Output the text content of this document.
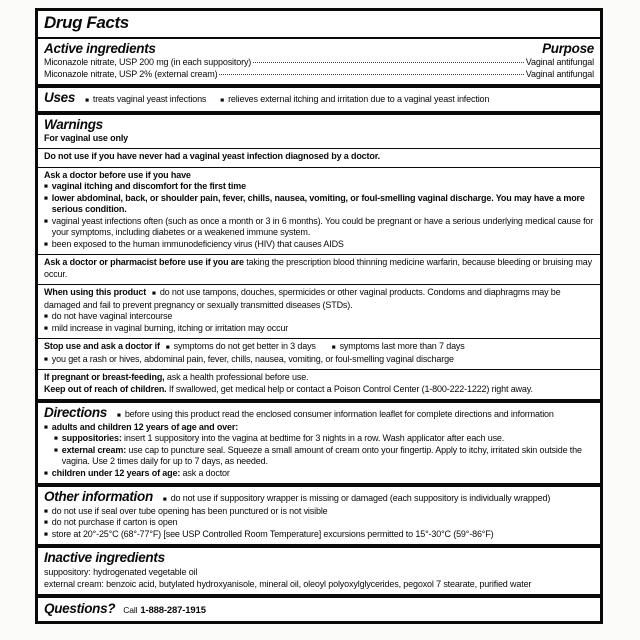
Drug Facts
Active ingredients	Purpose
Miconazole nitrate, USP 200 mg (in each suppository)	Vaginal antifungal
Miconazole nitrate, USP 2% (external cream)	Vaginal antifungal
Uses ■ treats vaginal yeast infections ■ relieves external itching and irritation due to a vaginal yeast infection
Warnings

For vaginal use only

Do not use if you have never had a vaginal yeast infection diagnosed by a doctor.

Ask a doctor before use if you have

■ vaginal itching and discomfort for the first time
■ lower abdominal, back, or shoulder pain, fever, chills, nausea, vomiting, or foul-smelling vaginal discharge. You may have a more serious condition.
■ vaginal yeast infections often (such as once a month or 3 in 6 months). You could be pregnant or have a serious underlying medical cause for your symptoms, including diabetes or a weakened immune system.
■ been exposed to the human immunodeficiency virus (HIV) that causes AIDS

Ask a doctor or pharmacist before use if you are taking the prescription blood thinning medicine warfarin, because bleeding or bruising may occur.

When using this product ■ do not use tampons, douches, spermicides or other vaginal products. Condoms and diaphragms may be damaged and fail to prevent pregnancy or sexually transmitted diseases (STDs).

■ do not have vaginal intercourse
■ mild increase in vaginal burning, itching or irritation may occur

Stop use and ask a doctor if ■ symptoms do not get better in 3 days ■ symptoms last more than 7 days

■ you get a rash or hives, abdominal pain, fever, chills, nausea, vomiting, or foul-smelling vaginal discharge

If pregnant or breast-feeding, ask a health professional before use.

Keep out of reach of children. If swallowed, get medical help or contact a Poison Control Center (1-800-222-1222) right away.

Directions	■ before using this product read the enclosed consumer information leaflet for complete directions and information
■ adults and children 12 years of age and over:
■ suppositories: insert 1 suppository into the vagina at bedtime for 3 nights in a row. Wash applicator after each use.
■ external cream: use cap to puncture seal. Squeeze a small amount of cream onto your fingertip. Apply to itchy, irritated skin outside the vagina. Use 2 times daily for up to 7 days, as needed.
■ children under 12 years of age: ask a doctor
Other information	■ do not use if suppository wrapper is missing or damaged (each suppository is individually wrapped)
■ do not use if seal over tube opening has been punctured or is not visible
■ do not purchase if carton is open
■ store at 20°-25°C (68°-77°F) [see USP Controlled Room Temperature] excursions permitted to 15°-30°C (59°-86°F)
Inactive ingredients

suppository: hydrogenated vegetable oil

external cream: benzoic acid, butylated hydroxyanisole, mineral oil, oleoyl polyoxylglycerides, pegoxol 7 stearate, purified water

Questions? Call 1-888-287-1915
